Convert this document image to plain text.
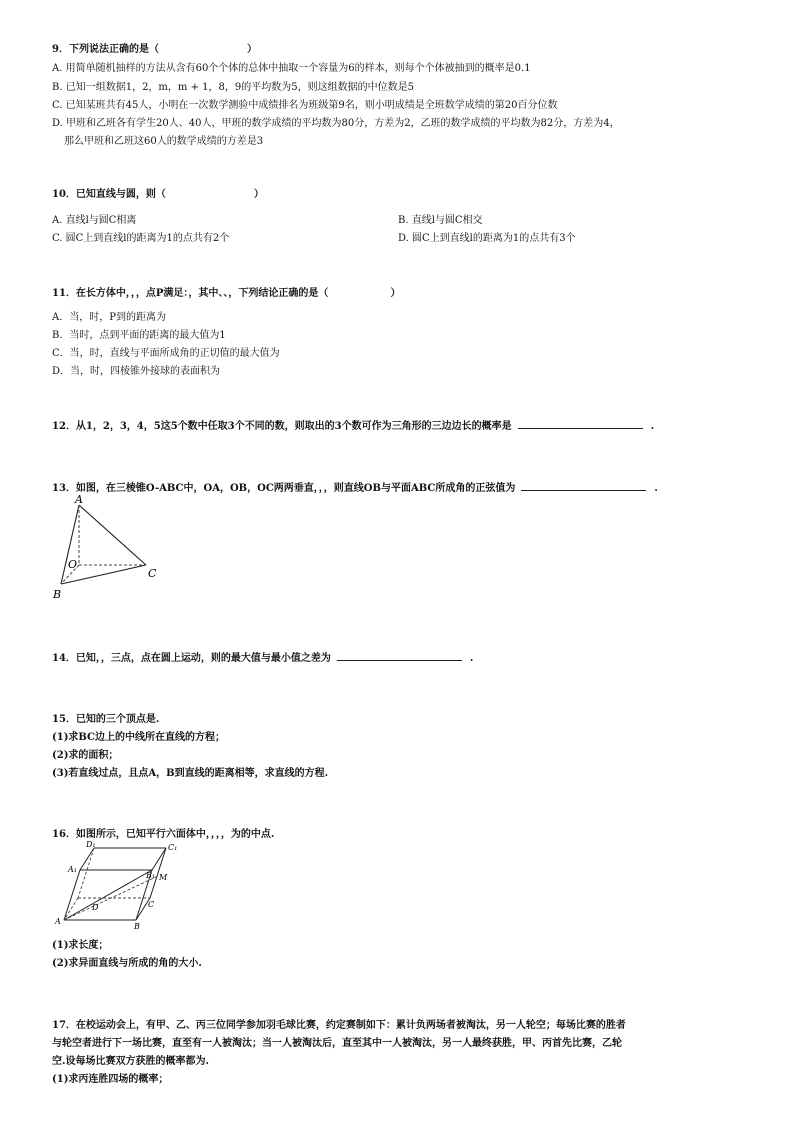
9．下列说法正确的是（	）
A. 用简单随机抽样的方法从含有60个个体的总体中抽取一个容量为6的样本，则每个个体被抽到的概率是0.1
B. 已知一组数据1，2，m，m + 1，8，9的平均数为5，则这组数据的中位数是5
C. 已知某班共有45人，小明在一次数学测验中成绩排名为班级第9名，则小明成绩是全班数学成绩的第20百分位数
D. 甲班和乙班各有学生20人、40人，甲班的数学成绩的平均数为80分，方差为2，乙班的数学成绩的平均数为82分，方差为4，
那么甲班和乙班这60人的数学成绩的方差是3
10．已知直线与圆，则（	）
A. 直线l与圆C相离	B. 直线l与圆C相交
C. 圆C上到直线l的距离为1的点共有2个	D. 圆C上到直线l的距离为1的点共有3个
11．在长方体中，，，点P满足：，其中、、，下列结论正确的是（	）
A．当，时，P到的距离为
B．当时，点到平面的距离的最大值为1
C．当，时，直线与平面所成角的正切值的最大值为
D．当，时，四棱锥外接球的表面积为
12．从1，2，3，4，5这5个数中任取3个不同的数，则取出的3个数可作为三角形的三边边长的概率是	.
13．如图，在三棱锥O-ABC中，OA，OB，OC两两垂直，，，则直线OB与平面ABC所成角的正弦值为	.
A
O
B
C
14．已知，，三点，点在圆上运动，则的最大值与最小值之差为	.
15．已知的三个顶点是.
(1)求BC边上的中线所在直线的方程；
(2)求的面积；
(3)若直线过点，且点A，B到直线的距离相等，求直线的方程.
16．如图所示，已知平行六面体中，，，，为的中点.
D₁	C₁
A₁
B₁ M
D	C
A
B
(1)求长度；
(2)求异面直线与所成的角的大小.
17．在校运动会上，有甲、乙、丙三位同学参加羽毛球比赛，约定赛制如下：累计负两场者被淘汰，另一人轮空；每场比赛的胜者
与轮空者进行下一场比赛，直至有一人被淘汰；当一人被淘汰后，直至其中一人被淘汰，另一人最终获胜，甲、丙首先比赛，乙轮
空.设每场比赛双方获胜的概率都为.
(1)求丙连胜四场的概率；
